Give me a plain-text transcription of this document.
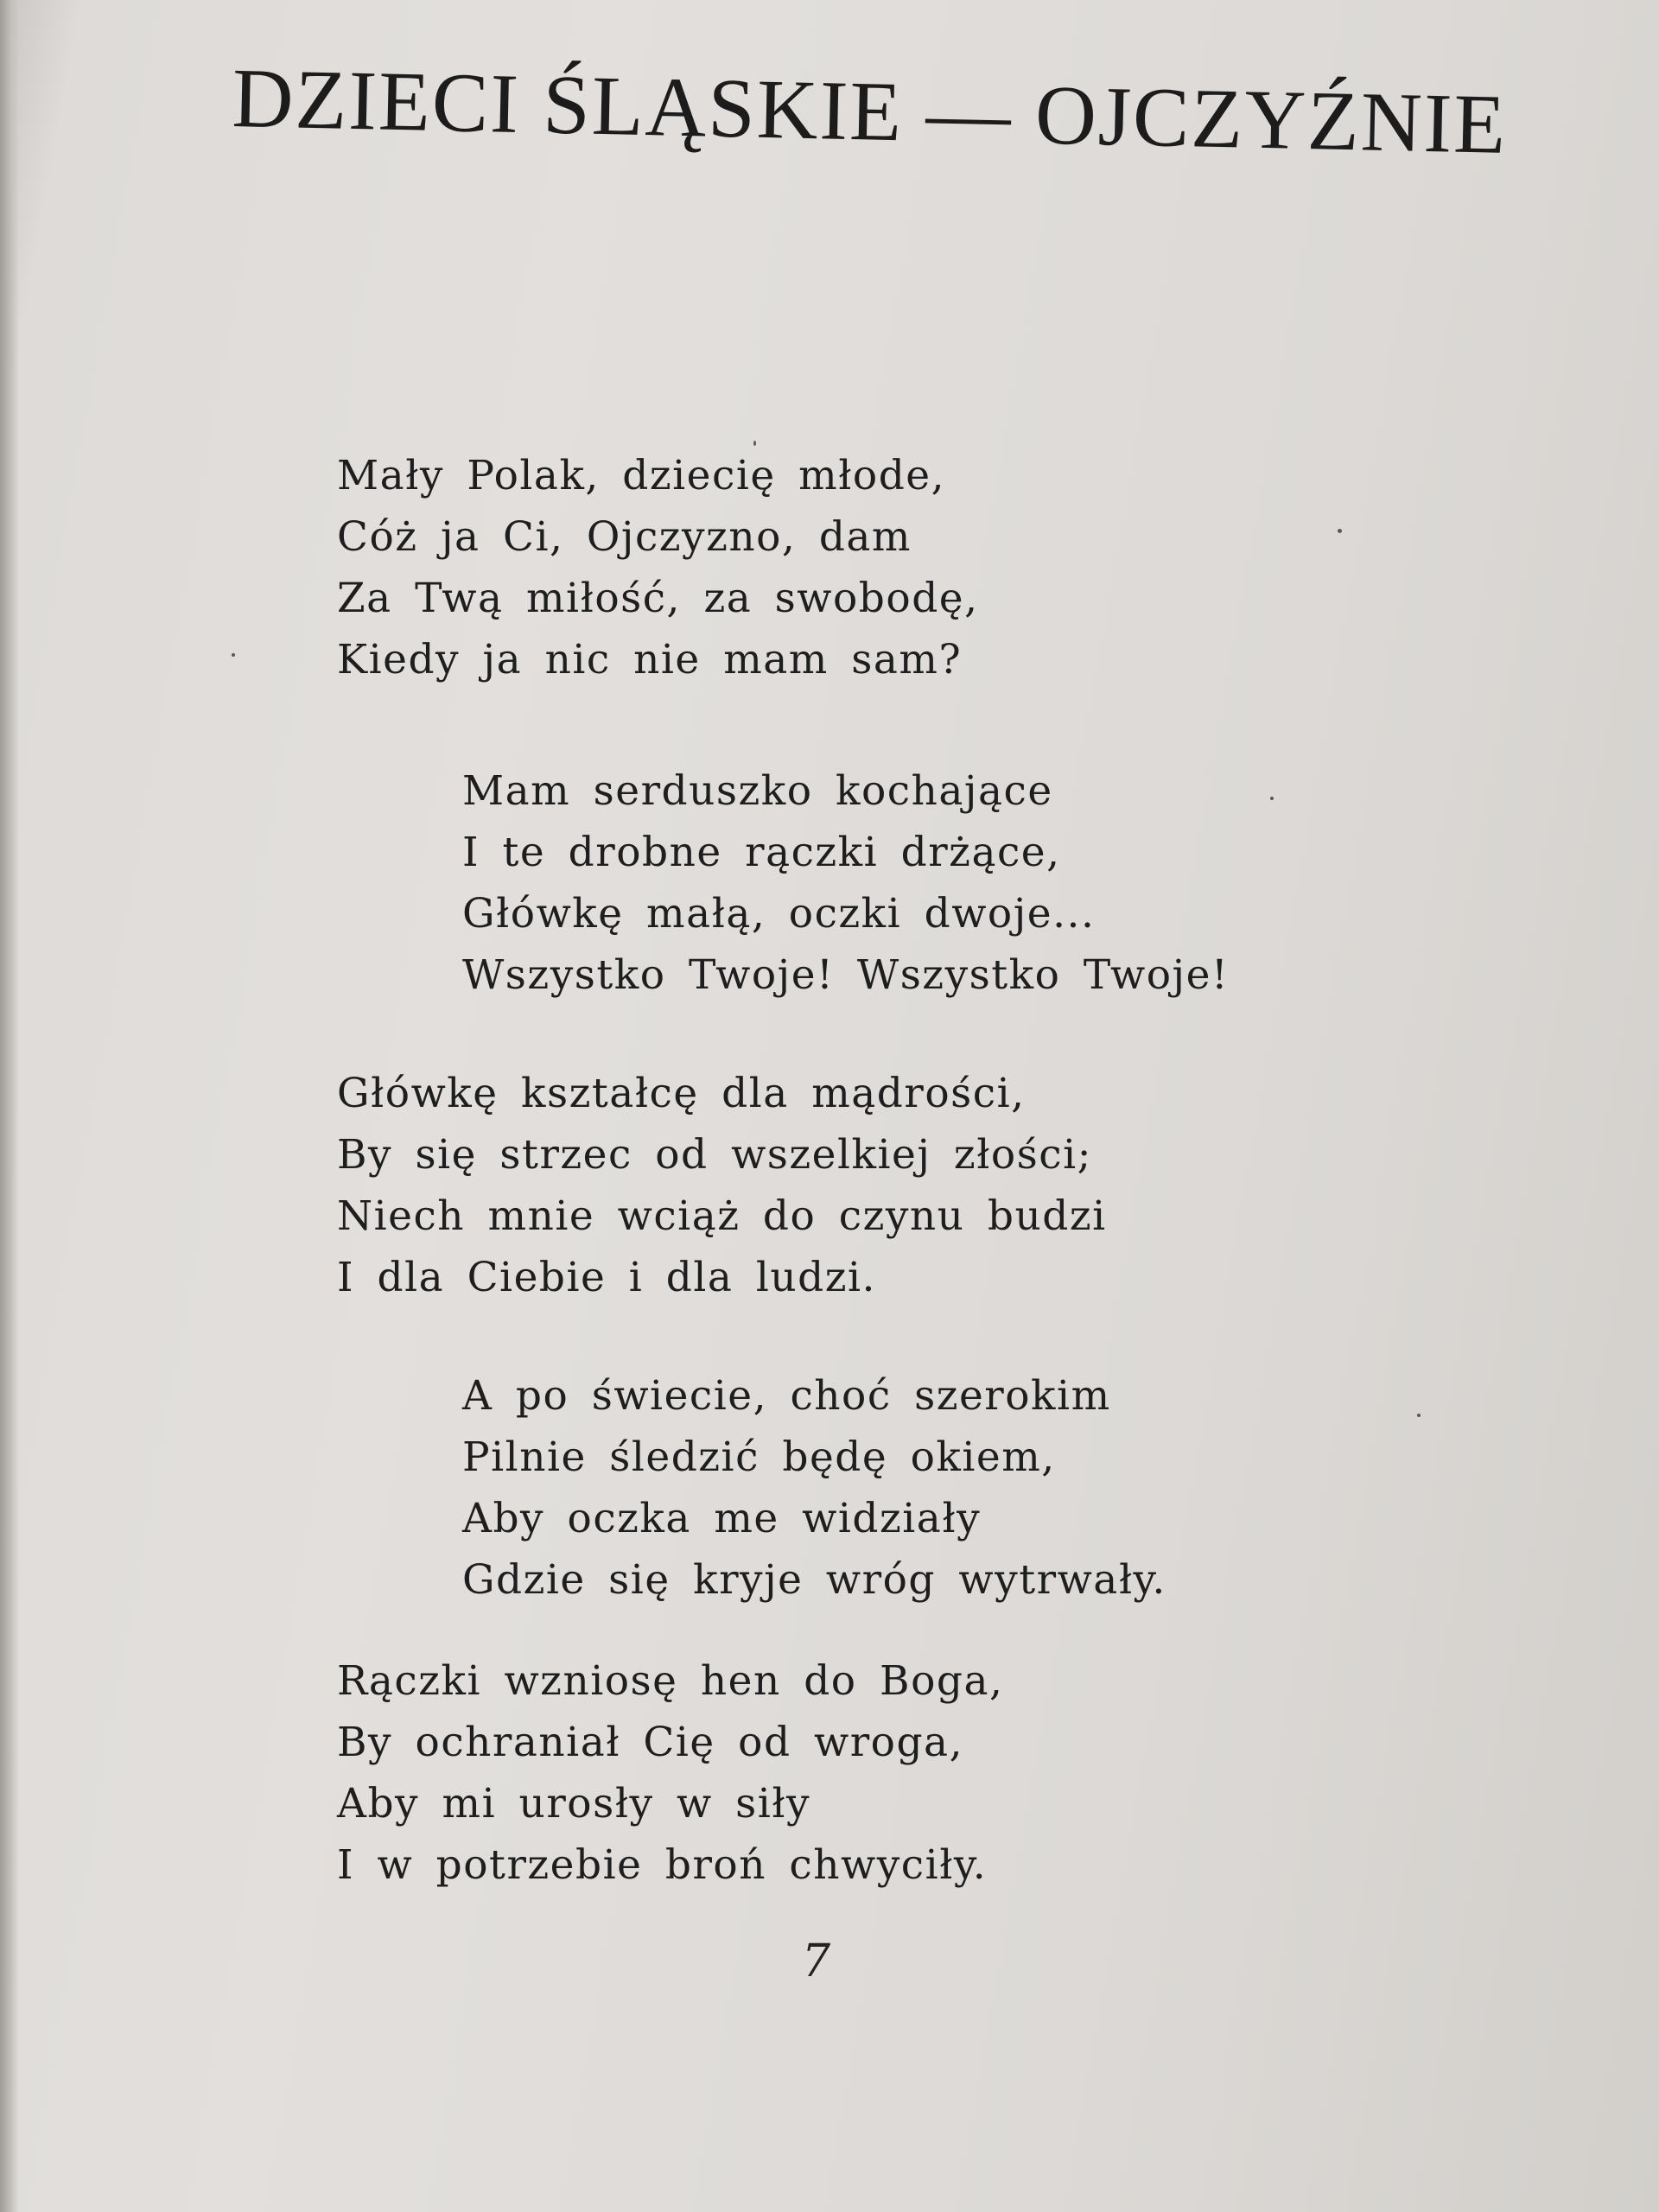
DZIECI ŚLĄSKIE — OJCZYŹNIE
Mały Polak, dziecię młode,
Cóż ja Ci, Ojczyzno, dam
Za Twą miłość, za swobodę,
Kiedy ja nic nie mam sam?
Mam serduszko kochające
I te drobne rączki drżące,
Główkę małą, oczki dwoje...
Wszystko Twoje! Wszystko Twoje!
Główkę kształcę dla mądrości,
By się strzec od wszelkiej złości;
Niech mnie wciąż do czynu budzi
I dla Ciebie i dla ludzi.
A po świecie, choć szerokim
Pilnie śledzić będę okiem,
Aby oczka me widziały
Gdzie się kryje wróg wytrwały.
Rączki wzniosę hen do Boga,
By ochraniał Cię od wroga,
Aby mi urosły w siły
I w potrzebie broń chwyciły.
7
